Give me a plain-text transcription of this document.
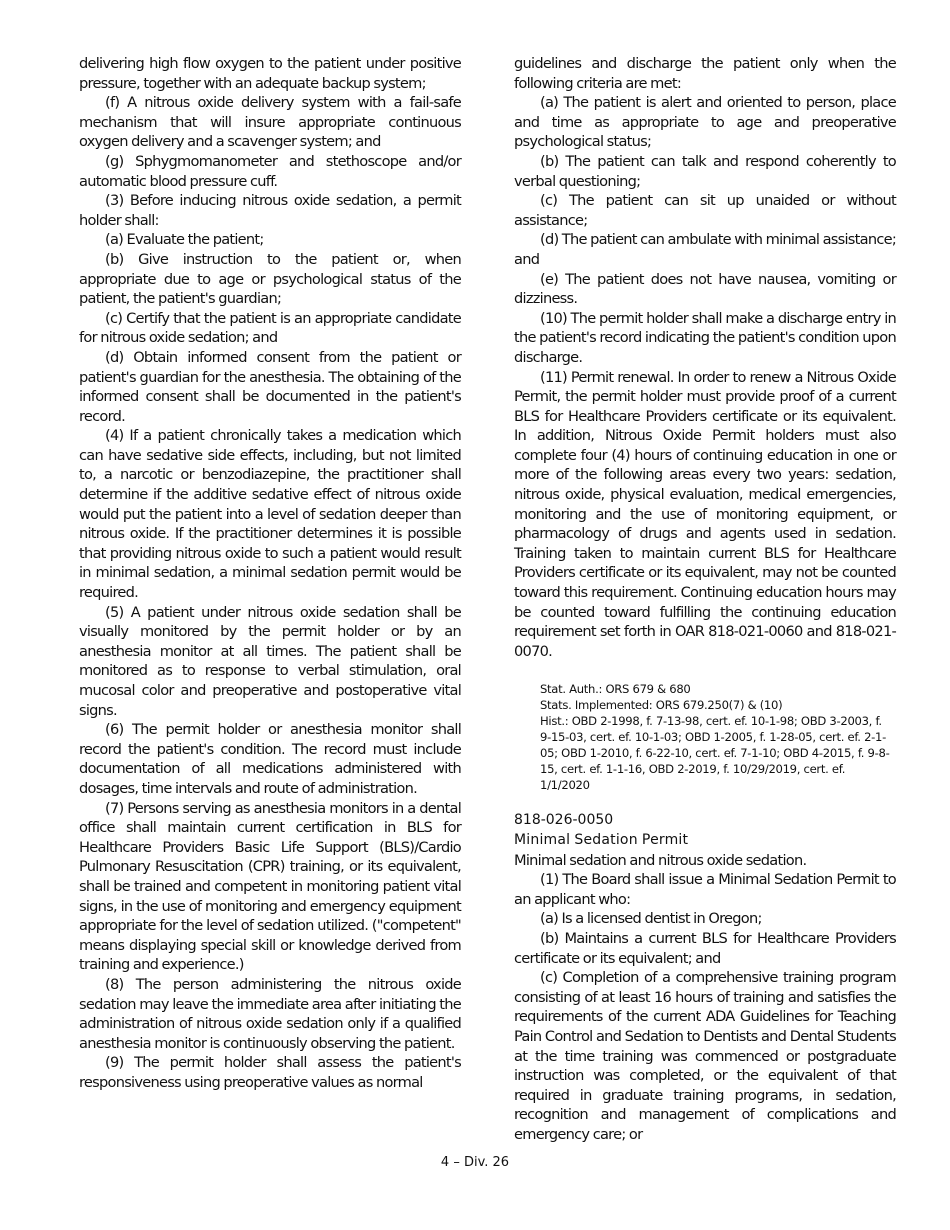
delivering high flow oxygen to the patient under positive pressure, together with an adequate backup system;

(f) A nitrous oxide delivery system with a fail-safe mechanism that will insure appropriate continuous oxygen delivery and a scavenger system; and

(g) Sphygmomanometer and stethoscope and/or automatic blood pressure cuff.

(3) Before inducing nitrous oxide sedation, a permit holder shall:

(a) Evaluate the patient;

(b) Give instruction to the patient or, when appropriate due to age or psychological status of the patient, the patient's guardian;

(c) Certify that the patient is an appropriate candidate for nitrous oxide sedation; and

(d) Obtain informed consent from the patient or patient's guardian for the anesthesia. The obtaining of the informed consent shall be documented in the patient's record.

(4) If a patient chronically takes a medication which can have sedative side effects, including, but not limited to, a narcotic or benzodiazepine, the practitioner shall determine if the additive sedative effect of nitrous oxide would put the patient into a level of sedation deeper than nitrous oxide. If the practitioner determines it is possible that providing nitrous oxide to such a patient would result in minimal sedation, a minimal sedation permit would be required.

(5) A patient under nitrous oxide sedation shall be visually monitored by the permit holder or by an anesthesia monitor at all times. The patient shall be monitored as to response to verbal stimulation, oral mucosal color and preoperative and postoperative vital signs.

(6) The permit holder or anesthesia monitor shall record the patient's condition. The record must include documentation of all medications administered with dosages, time intervals and route of administration.

(7) Persons serving as anesthesia monitors in a dental office shall maintain current certification in BLS for Healthcare Providers Basic Life Support (BLS)/Cardio Pulmonary Resuscitation (CPR) training, or its equivalent, shall be trained and competent in monitoring patient vital signs, in the use of monitoring and emergency equipment appropriate for the level of sedation utilized. ("competent" means displaying special skill or knowledge derived from training and experience.)

(8) The person administering the nitrous oxide sedation may leave the immediate area after initiating the administration of nitrous oxide sedation only if a qualified anesthesia monitor is continuously observing the patient.

(9) The permit holder shall assess the patient's responsiveness using preoperative values as normal

guidelines and discharge the patient only when the following criteria are met:

(a) The patient is alert and oriented to person, place and time as appropriate to age and preoperative psychological status;

(b) The patient can talk and respond coherently to verbal questioning;

(c) The patient can sit up unaided or without assistance;

(d) The patient can ambulate with minimal assistance; and

(e) The patient does not have nausea, vomiting or dizziness.

(10) The permit holder shall make a discharge entry in the patient's record indicating the patient's condition upon discharge.

(11) Permit renewal. In order to renew a Nitrous Oxide Permit, the permit holder must provide proof of a current BLS for Healthcare Providers certificate or its equivalent. In addition, Nitrous Oxide Permit holders must also complete four (4) hours of continuing education in one or more of the following areas every two years: sedation, nitrous oxide, physical evaluation, medical emergencies, monitoring and the use of monitoring equipment, or pharmacology of drugs and agents used in sedation. Training taken to maintain current BLS for Healthcare Providers certificate or its equivalent, may not be counted toward this requirement. Continuing education hours may be counted toward fulfilling the continuing education requirement set forth in OAR 818-021-0060 and 818-021-0070.

Stat. Auth.: ORS 679 & 680
Stats. Implemented: ORS 679.250(7) & (10)
Hist.: OBD 2-1998, f. 7-13-98, cert. ef. 10-1-98; OBD 3-2003, f. 9-15-03, cert. ef. 10-1-03; OBD 1-2005, f. 1-28-05, cert. ef. 2-1-05; OBD 1-2010, f. 6-22-10, cert. ef. 7-1-10; OBD 4-2015, f. 9-8-15, cert. ef. 1-1-16, OBD 2-2019, f. 10/29/2019, cert. ef. 1/1/2020
818-026-0050
Minimal Sedation Permit

Minimal sedation and nitrous oxide sedation.

(1) The Board shall issue a Minimal Sedation Permit to an applicant who:

(a) Is a licensed dentist in Oregon;

(b) Maintains a current BLS for Healthcare Providers certificate or its equivalent; and

(c) Completion of a comprehensive training program consisting of at least 16 hours of training and satisfies the requirements of the current ADA Guidelines for Teaching Pain Control and Sedation to Dentists and Dental Students at the time training was commenced or postgraduate instruction was completed, or the equivalent of that required in graduate training programs, in sedation, recognition and management of complications and emergency care; or

4 – Div. 26
